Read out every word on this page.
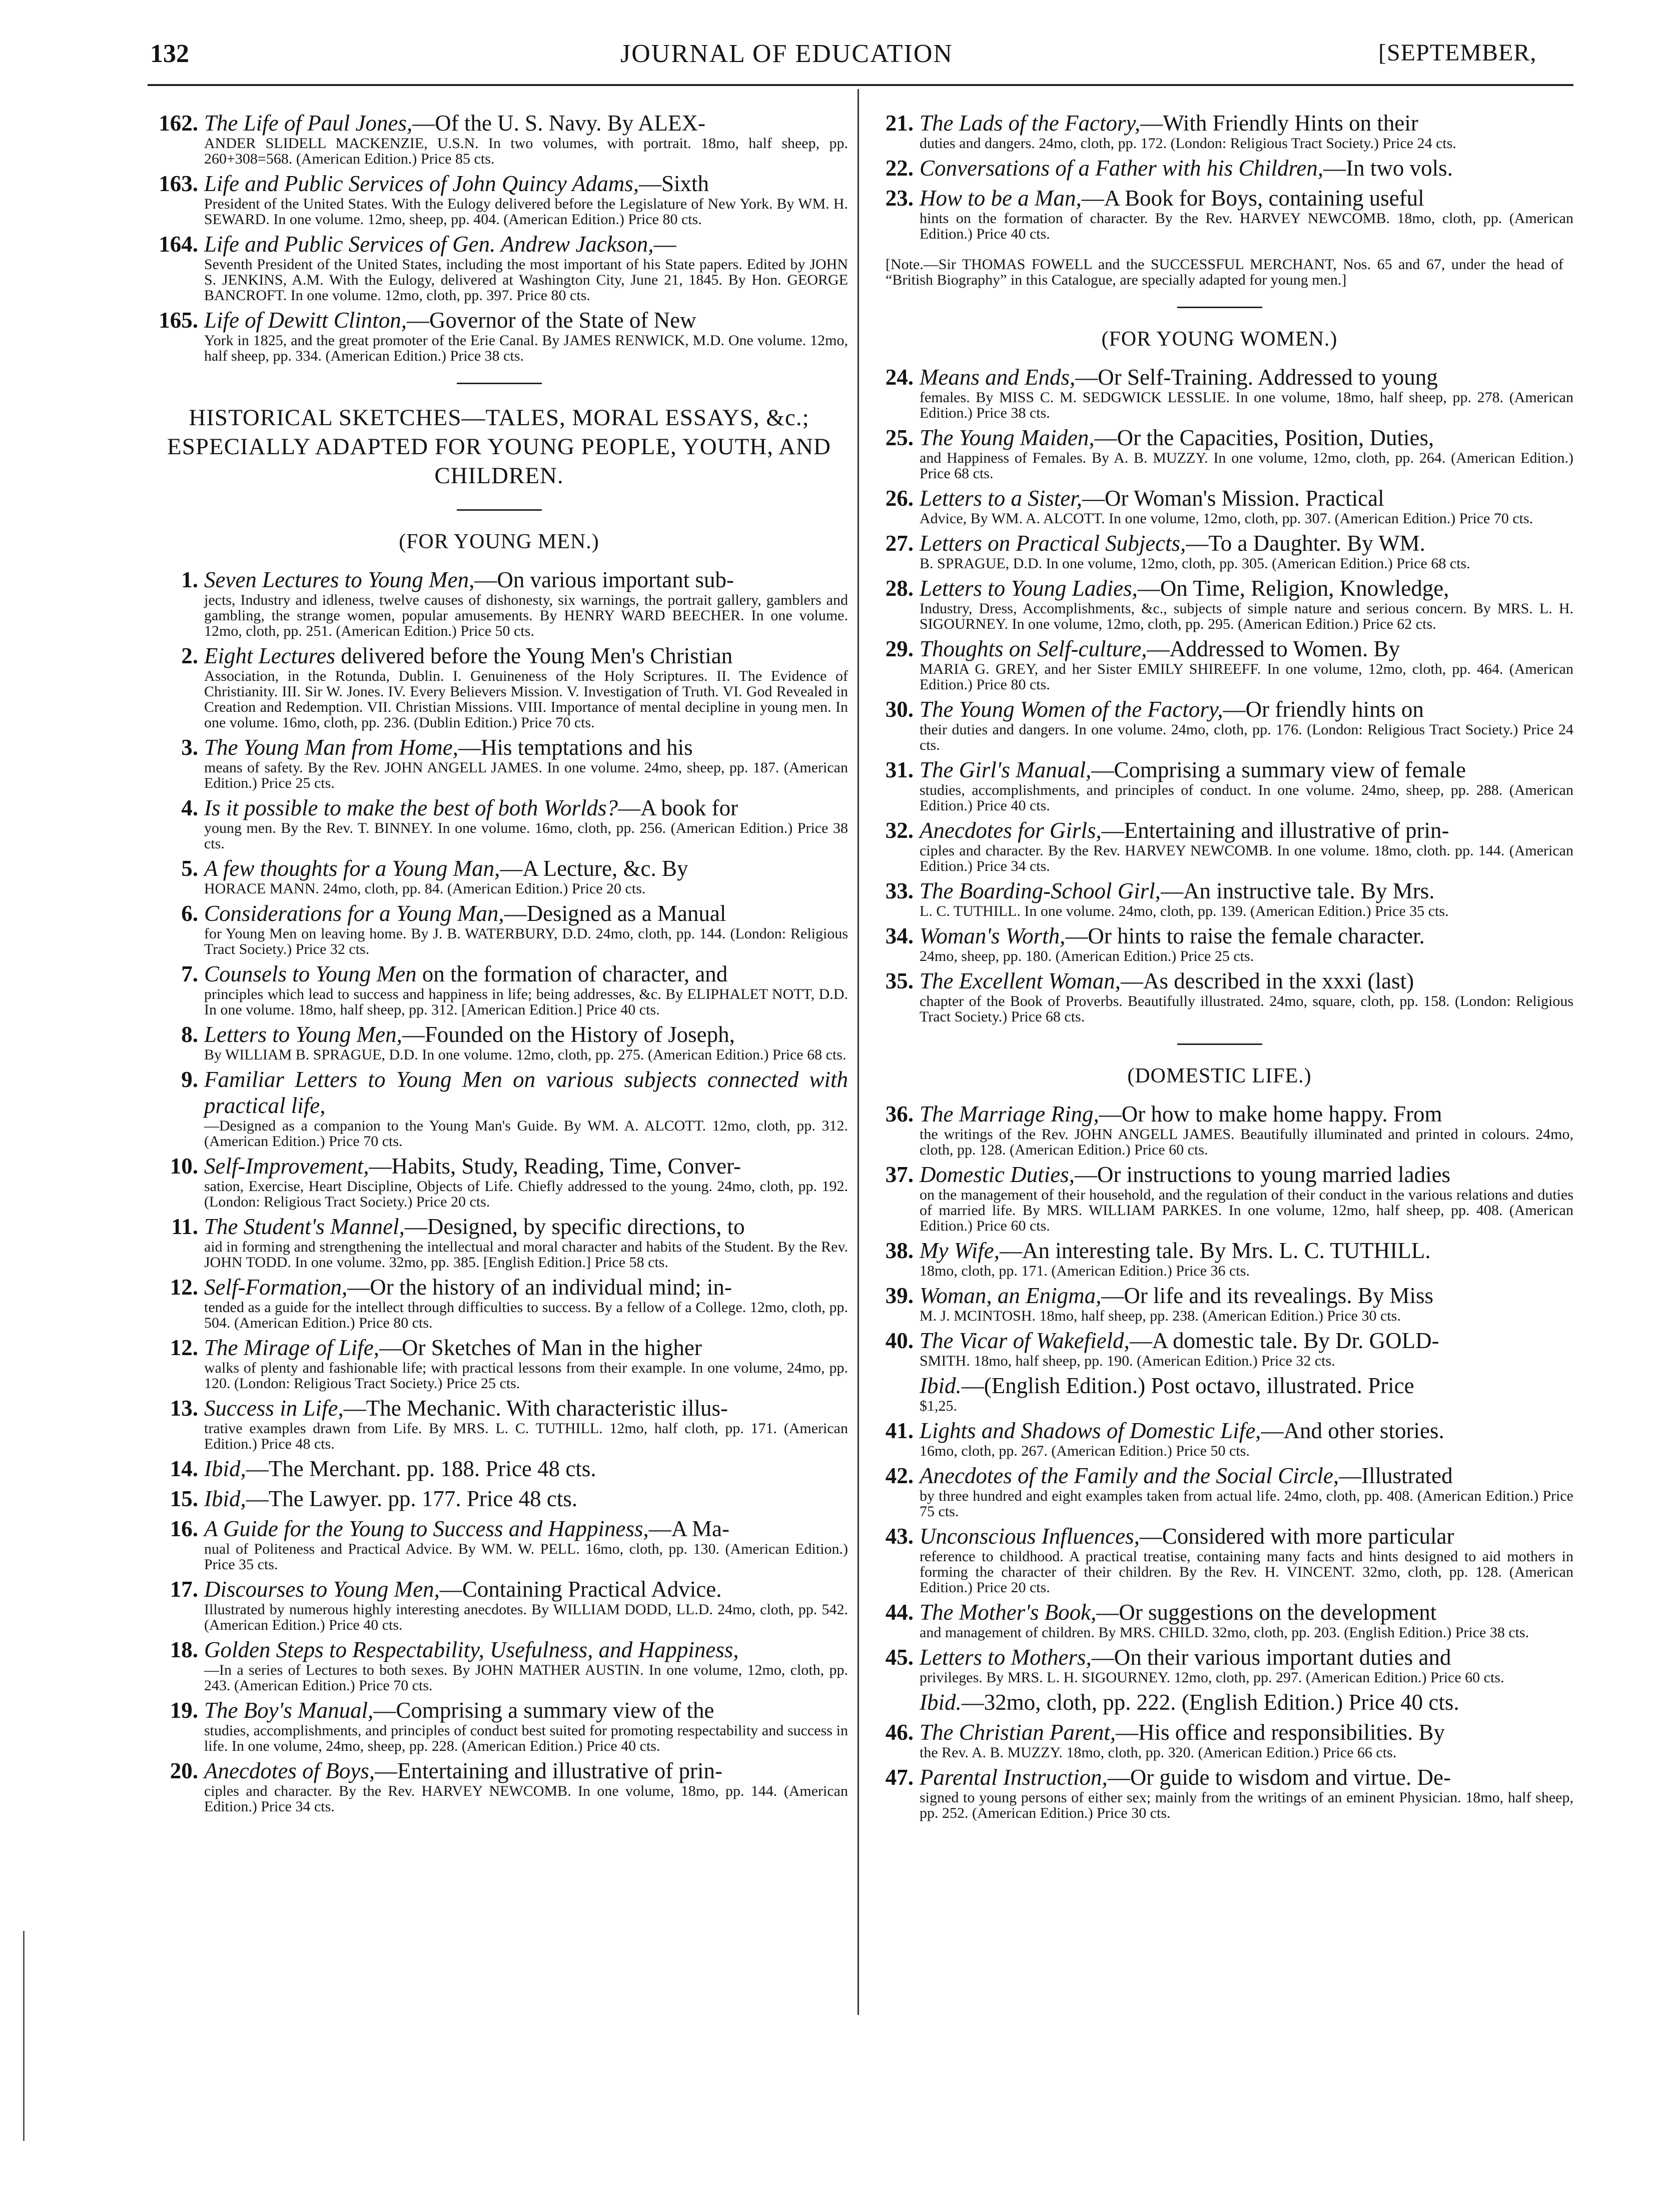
132	JOURNAL OF EDUCATION	[SEPTEMBER,
162. The Life of Paul Jones,—Of the U. S. Navy. By ALEX-
ANDER SLIDELL MACKENZIE, U.S.N. In two volumes, with portrait. 18mo, half sheep, pp. 260+308=568. (American Edition.) Price 85 cts.
163. Life and Public Services of John Quincy Adams,—Sixth
President of the United States. With the Eulogy delivered before the Legislature of New York. By WM. H. SEWARD. In one volume. 12mo, sheep, pp. 404. (American Edition.) Price 80 cts.
164. Life and Public Services of Gen. Andrew Jackson,—
Seventh President of the United States, including the most important of his State papers. Edited by JOHN S. JENKINS, A.M. With the Eulogy, delivered at Washington City, June 21, 1845. By Hon. GEORGE BANCROFT. In one volume. 12mo, cloth, pp. 397. Price 80 cts.
165. Life of Dewitt Clinton,—Governor of the State of New
York in 1825, and the great promoter of the Erie Canal. By JAMES RENWICK, M.D. One volume. 12mo, half sheep, pp. 334. (American Edition.) Price 38 cts.
HISTORICAL SKETCHES—TALES, MORAL ESSAYS, &c.; ESPECIALLY ADAPTED FOR YOUNG PEOPLE, YOUTH, AND CHILDREN.
(FOR YOUNG MEN.)
1. Seven Lectures to Young Men,—On various important sub-
jects, Industry and idleness, twelve causes of dishonesty, six warnings, the portrait gallery, gamblers and gambling, the strange women, popular amusements. By HENRY WARD BEECHER. In one volume. 12mo, cloth, pp. 251. (American Edition.) Price 50 cts.
2. Eight Lectures delivered before the Young Men's Christian
Association, in the Rotunda, Dublin. I. Genuineness of the Holy Scriptures. II. The Evidence of Christianity. III. Sir W. Jones. IV. Every Believers Mission. V. Investigation of Truth. VI. God Revealed in Creation and Redemption. VII. Christian Missions. VIII. Importance of mental decipline in young men. In one volume. 16mo, cloth, pp. 236. (Dublin Edition.) Price 70 cts.
3. The Young Man from Home,—His temptations and his
means of safety. By the Rev. JOHN ANGELL JAMES. In one volume. 24mo, sheep, pp. 187. (American Edition.) Price 25 cts.
4. Is it possible to make the best of both Worlds?—A book for
young men. By the Rev. T. BINNEY. In one volume. 16mo, cloth, pp. 256. (American Edition.) Price 38 cts.
5. A few thoughts for a Young Man,—A Lecture, &c. By
HORACE MANN. 24mo, cloth, pp. 84. (American Edition.) Price 20 cts.
6. Considerations for a Young Man,—Designed as a Manual
for Young Men on leaving home. By J. B. WATERBURY, D.D. 24mo, cloth, pp. 144. (London: Religious Tract Society.) Price 32 cts.
7. Counsels to Young Men on the formation of character, and
principles which lead to success and happiness in life; being addresses, &c. By ELIPHALET NOTT, D.D. In one volume. 18mo, half sheep, pp. 312. [American Edition.] Price 40 cts.
8. Letters to Young Men,—Founded on the History of Joseph,
By WILLIAM B. SPRAGUE, D.D. In one volume. 12mo, cloth, pp. 275. (American Edition.) Price 68 cts.
9. Familiar Letters to Young Men on various subjects connected with practical life,
—Designed as a companion to the Young Man's Guide. By WM. A. ALCOTT. 12mo, cloth, pp. 312. (American Edition.) Price 70 cts.
10. Self-Improvement,—Habits, Study, Reading, Time, Conver-
sation, Exercise, Heart Discipline, Objects of Life. Chiefly addressed to the young. 24mo, cloth, pp. 192. (London: Religious Tract Society.) Price 20 cts.
11. The Student's Mannel,—Designed, by specific directions, to
aid in forming and strengthening the intellectual and moral character and habits of the Student. By the Rev. JOHN TODD. In one volume. 32mo, pp. 385. [English Edition.] Price 58 cts.
12. Self-Formation,—Or the history of an individual mind; in-
tended as a guide for the intellect through difficulties to success. By a fellow of a College. 12mo, cloth, pp. 504. (American Edition.) Price 80 cts.
12. The Mirage of Life,—Or Sketches of Man in the higher
walks of plenty and fashionable life; with practical lessons from their example. In one volume, 24mo, pp. 120. (London: Religious Tract Society.) Price 25 cts.
13. Success in Life,—The Mechanic. With characteristic illus-
trative examples drawn from Life. By MRS. L. C. TUTHILL. 12mo, half cloth, pp. 171. (American Edition.) Price 48 cts.
14. Ibid,—The Merchant. pp. 188. Price 48 cts.
15. Ibid,—The Lawyer. pp. 177. Price 48 cts.
16. A Guide for the Young to Success and Happiness,—A Ma-
nual of Politeness and Practical Advice. By WM. W. PELL. 16mo, cloth, pp. 130. (American Edition.) Price 35 cts.
17. Discourses to Young Men,—Containing Practical Advice.
Illustrated by numerous highly interesting anecdotes. By WILLIAM DODD, LL.D. 24mo, cloth, pp. 542. (American Edition.) Price 40 cts.
18. Golden Steps to Respectability, Usefulness, and Happiness,
—In a series of Lectures to both sexes. By JOHN MATHER AUSTIN. In one volume, 12mo, cloth, pp. 243. (American Edition.) Price 70 cts.
19. The Boy's Manual,—Comprising a summary view of the
studies, accomplishments, and principles of conduct best suited for promoting respectability and success in life. In one volume, 24mo, sheep, pp. 228. (American Edition.) Price 40 cts.
20. Anecdotes of Boys,—Entertaining and illustrative of prin-
ciples and character. By the Rev. HARVEY NEWCOMB. In one volume, 18mo, pp. 144. (American Edition.) Price 34 cts.
21. The Lads of the Factory,—With Friendly Hints on their
duties and dangers. 24mo, cloth, pp. 172. (London: Religious Tract Society.) Price 24 cts.
22. Conversations of a Father with his Children,—In two vols.
23. How to be a Man,—A Book for Boys, containing useful
hints on the formation of character. By the Rev. HARVEY NEWCOMB. 18mo, cloth, pp. (American Edition.) Price 40 cts.
[Note.—Sir THOMAS FOWELL and the SUCCESSFUL MERCHANT, Nos. 65 and 67, under the head of “British Biography” in this Catalogue, are specially adapted for young men.]
(FOR YOUNG WOMEN.)
24. Means and Ends,—Or Self-Training. Addressed to young
females. By MISS C. M. SEDGWICK LESSLIE. In one volume, 18mo, half sheep, pp. 278. (American Edition.) Price 38 cts.
25. The Young Maiden,—Or the Capacities, Position, Duties,
and Happiness of Females. By A. B. MUZZY. In one volume, 12mo, cloth, pp. 264. (American Edition.) Price 68 cts.
26. Letters to a Sister,—Or Woman's Mission. Practical
Advice, By WM. A. ALCOTT. In one volume, 12mo, cloth, pp. 307. (American Edition.) Price 70 cts.
27. Letters on Practical Subjects,—To a Daughter. By WM.
B. SPRAGUE, D.D. In one volume, 12mo, cloth, pp. 305. (American Edition.) Price 68 cts.
28. Letters to Young Ladies,—On Time, Religion, Knowledge,
Industry, Dress, Accomplishments, &c., subjects of simple nature and serious concern. By MRS. L. H. SIGOURNEY. In one volume, 12mo, cloth, pp. 295. (American Edition.) Price 62 cts.
29. Thoughts on Self-culture,—Addressed to Women. By
MARIA G. GREY, and her Sister EMILY SHIREEFF. In one volume, 12mo, cloth, pp. 464. (American Edition.) Price 80 cts.
30. The Young Women of the Factory,—Or friendly hints on
their duties and dangers. In one volume. 24mo, cloth, pp. 176. (London: Religious Tract Society.) Price 24 cts.
31. The Girl's Manual,—Comprising a summary view of female
studies, accomplishments, and principles of conduct. In one volume. 24mo, sheep, pp. 288. (American Edition.) Price 40 cts.
32. Anecdotes for Girls,—Entertaining and illustrative of prin-
ciples and character. By the Rev. HARVEY NEWCOMB. In one volume. 18mo, cloth. pp. 144. (American Edition.) Price 34 cts.
33. The Boarding-School Girl,—An instructive tale. By Mrs.
L. C. TUTHILL. In one volume. 24mo, cloth, pp. 139. (American Edition.) Price 35 cts.
34. Woman's Worth,—Or hints to raise the female character.
24mo, sheep, pp. 180. (American Edition.) Price 25 cts.
35. The Excellent Woman,—As described in the xxxi (last)
chapter of the Book of Proverbs. Beautifully illustrated. 24mo, square, cloth, pp. 158. (London: Religious Tract Society.) Price 68 cts.
(DOMESTIC LIFE.)
36. The Marriage Ring,—Or how to make home happy. From
the writings of the Rev. JOHN ANGELL JAMES. Beautifully illuminated and printed in colours. 24mo, cloth, pp. 128. (American Edition.) Price 60 cts.
37. Domestic Duties,—Or instructions to young married ladies
on the management of their household, and the regulation of their conduct in the various relations and duties of married life. By MRS. WILLIAM PARKES. In one volume, 12mo, half sheep, pp. 408. (American Edition.) Price 60 cts.
38. My Wife,—An interesting tale. By Mrs. L. C. TUTHILL.
18mo, cloth, pp. 171. (American Edition.) Price 36 cts.
39. Woman, an Enigma,—Or life and its revealings. By Miss
M. J. MCINTOSH. 18mo, half sheep, pp. 238. (American Edition.) Price 30 cts.
40. The Vicar of Wakefield,—A domestic tale. By Dr. GOLD-
SMITH. 18mo, half sheep, pp. 190. (American Edition.) Price 32 cts.
Ibid.—(English Edition.) Post octavo, illustrated. Price
$1,25.
41. Lights and Shadows of Domestic Life,—And other stories.
16mo, cloth, pp. 267. (American Edition.) Price 50 cts.
42. Anecdotes of the Family and the Social Circle,—Illustrated
by three hundred and eight examples taken from actual life. 24mo, cloth, pp. 408. (American Edition.) Price 75 cts.
43. Unconscious Influences,—Considered with more particular
reference to childhood. A practical treatise, containing many facts and hints designed to aid mothers in forming the character of their children. By the Rev. H. VINCENT. 32mo, cloth, pp. 128. (American Edition.) Price 20 cts.
44. The Mother's Book,—Or suggestions on the development
and management of children. By MRS. CHILD. 32mo, cloth, pp. 203. (English Edition.) Price 38 cts.
45. Letters to Mothers,—On their various important duties and
privileges. By MRS. L. H. SIGOURNEY. 12mo, cloth, pp. 297. (American Edition.) Price 60 cts.
Ibid.—32mo, cloth, pp. 222. (English Edition.) Price 40 cts.
46. The Christian Parent,—His office and responsibilities. By
the Rev. A. B. MUZZY. 18mo, cloth, pp. 320. (American Edition.) Price 66 cts.
47. Parental Instruction,—Or guide to wisdom and virtue. De-
signed to young persons of either sex; mainly from the writings of an eminent Physician. 18mo, half sheep, pp. 252. (American Edition.) Price 30 cts.
